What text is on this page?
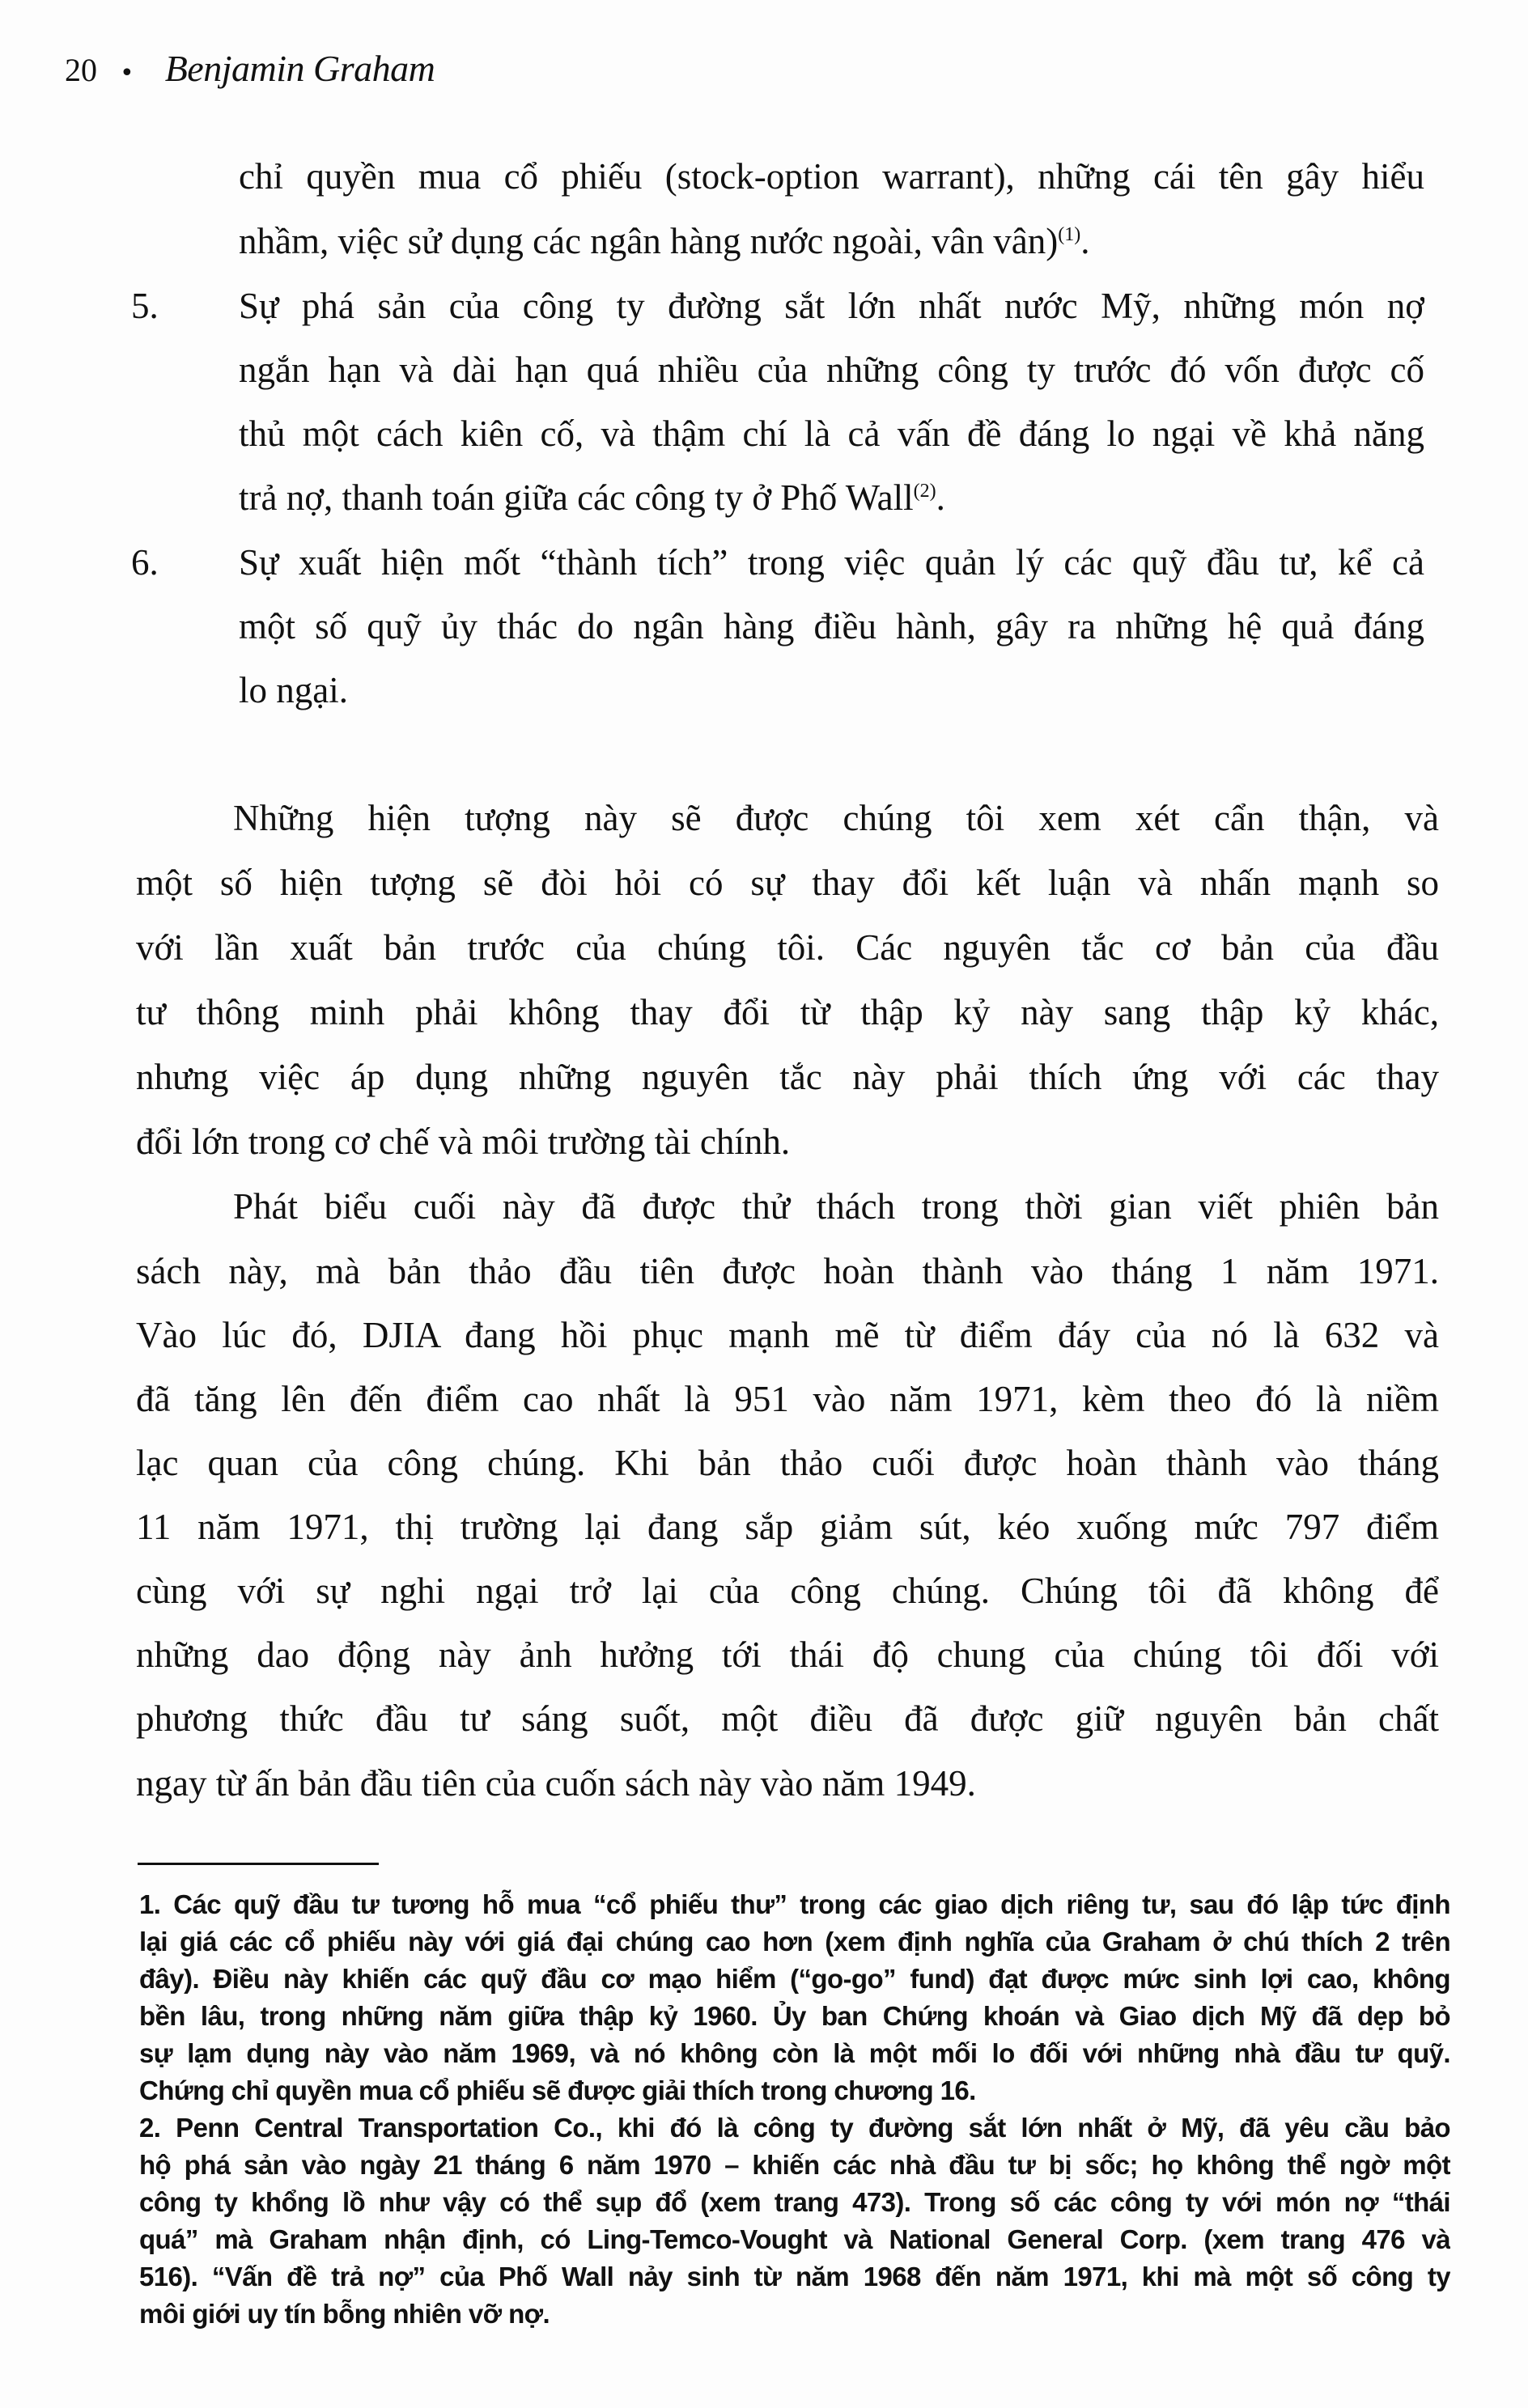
20 • Benjamin Graham
chỉ quyền mua cổ phiếu (stock-option warrant), những cái tên gây hiểu
nhầm, việc sử dụng các ngân hàng nước ngoài, vân vân)$^{(1)}$.
5. Sự phá sản của công ty đường sắt lớn nhất nước Mỹ, những món nợ
ngắn hạn và dài hạn quá nhiều của những công ty trước đó vốn được cố
thủ một cách kiên cố, và thậm chí là cả vấn đề đáng lo ngại về khả năng
trả nợ, thanh toán giữa các công ty ở Phố Wall$^{(2)}$.
6. Sự xuất hiện mốt “thành tích” trong việc quản lý các quỹ đầu tư, kể cả
một số quỹ ủy thác do ngân hàng điều hành, gây ra những hệ quả đáng
lo ngại.
Những hiện tượng này sẽ được chúng tôi xem xét cẩn thận, và
một số hiện tượng sẽ đòi hỏi có sự thay đổi kết luận và nhấn mạnh so
với lần xuất bản trước của chúng tôi. Các nguyên tắc cơ bản của đầu
tư thông minh phải không thay đổi từ thập kỷ này sang thập kỷ khác,
nhưng việc áp dụng những nguyên tắc này phải thích ứng với các thay
đổi lớn trong cơ chế và môi trường tài chính.
Phát biểu cuối này đã được thử thách trong thời gian viết phiên bản
sách này, mà bản thảo đầu tiên được hoàn thành vào tháng 1 năm 1971.
Vào lúc đó, DJIA đang hồi phục mạnh mẽ từ điểm đáy của nó là 632 và
đã tăng lên đến điểm cao nhất là 951 vào năm 1971, kèm theo đó là niềm
lạc quan của công chúng. Khi bản thảo cuối được hoàn thành vào tháng
11 năm 1971, thị trường lại đang sắp giảm sút, kéo xuống mức 797 điểm
cùng với sự nghi ngại trở lại của công chúng. Chúng tôi đã không để
những dao động này ảnh hưởng tới thái độ chung của chúng tôi đối với
phương thức đầu tư sáng suốt, một điều đã được giữ nguyên bản chất
ngay từ ấn bản đầu tiên của cuốn sách này vào năm 1949.
1. Các quỹ đầu tư tương hỗ mua “cổ phiếu thư” trong các giao dịch riêng tư, sau đó lập tức định
lại giá các cổ phiếu này với giá đại chúng cao hơn (xem định nghĩa của Graham ở chú thích 2 trên
đây). Điều này khiến các quỹ đầu cơ mạo hiểm (“go-go” fund) đạt được mức sinh lợi cao, không
bền lâu, trong những năm giữa thập kỷ 1960. Ủy ban Chứng khoán và Giao dịch Mỹ đã dẹp bỏ
sự lạm dụng này vào năm 1969, và nó không còn là một mối lo đối với những nhà đầu tư quỹ.
Chứng chỉ quyền mua cổ phiếu sẽ được giải thích trong chương 16.
2. Penn Central Transportation Co., khi đó là công ty đường sắt lớn nhất ở Mỹ, đã yêu cầu bảo
hộ phá sản vào ngày 21 tháng 6 năm 1970 – khiến các nhà đầu tư bị sốc; họ không thể ngờ một
công ty khổng lồ như vậy có thể sụp đổ (xem trang 473). Trong số các công ty với món nợ “thái
quá” mà Graham nhận định, có Ling-Temco-Vought và National General Corp. (xem trang 476 và
516). “Vấn đề trả nợ” của Phố Wall nảy sinh từ năm 1968 đến năm 1971, khi mà một số công ty
môi giới uy tín bỗng nhiên vỡ nợ.
